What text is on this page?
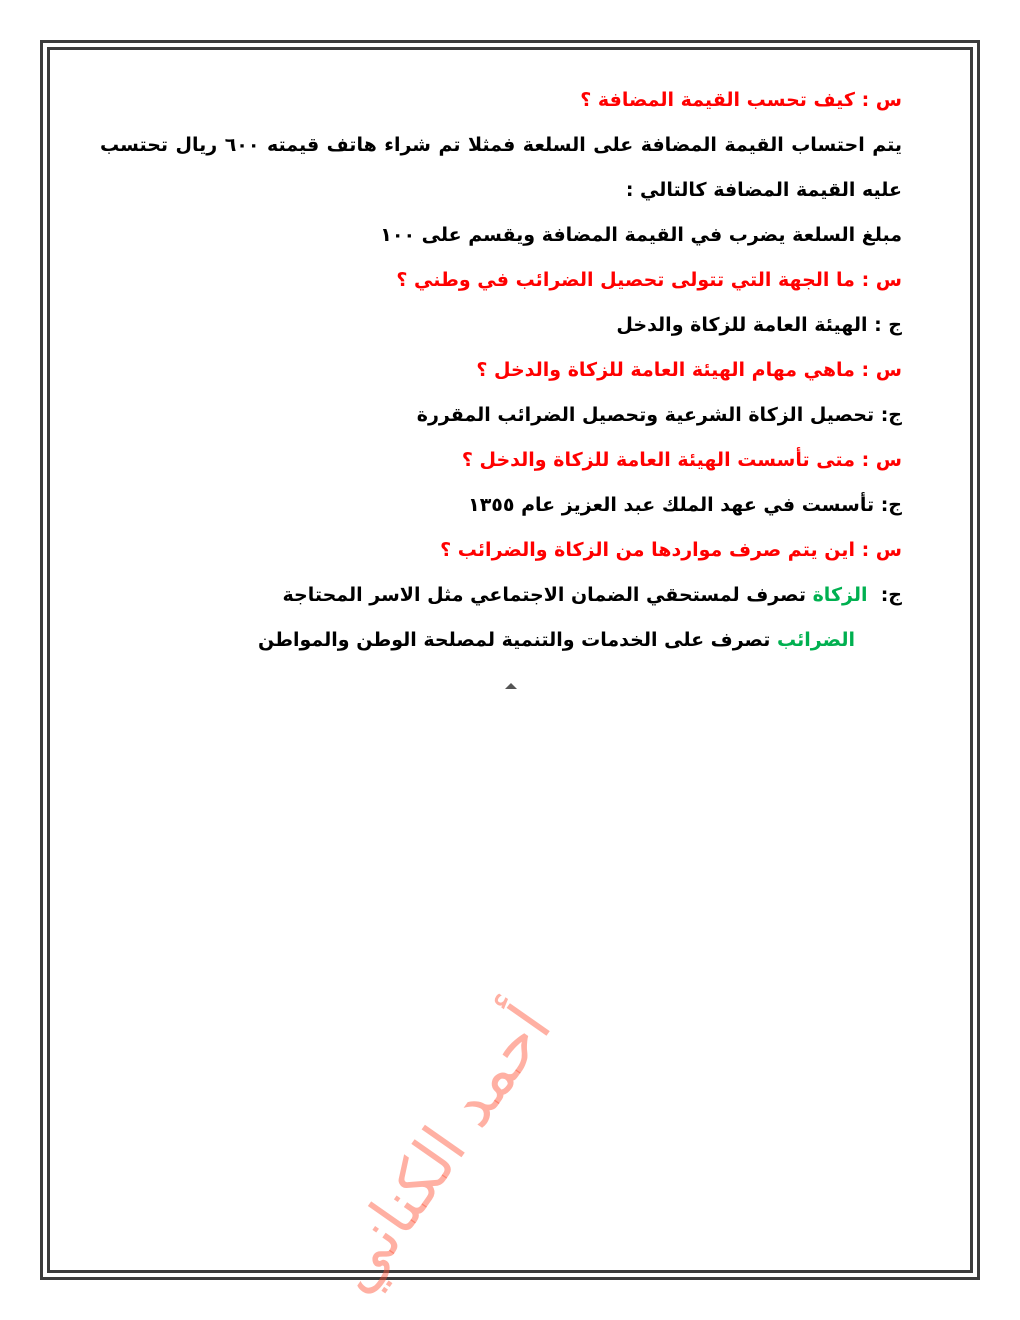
س : كيف تحسب القيمة المضافة ؟

يتم احتساب القيمة المضافة على السلعة فمثلا تم شراء هاتف قيمته ٦٠٠ ريال تحتسب عليه القيمة المضافة كالتالي :

مبلغ السلعة يضرب في القيمة المضافة ويقسم على ١٠٠

س : ما الجهة التي تتولى تحصيل الضرائب في وطني ؟

ج : الهيئة العامة للزكاة والدخل

س : ماهي مهام الهيئة العامة للزكاة والدخل ؟

ج: تحصيل الزكاة الشرعية وتحصيل الضرائب المقررة

س : متى تأسست الهيئة العامة للزكاة والدخل ؟

ج: تأسست في عهد الملك عبد العزيز عام ١٣٥٥

س : اين يتم صرف مواردها من الزكاة والضرائب ؟

ج:  الزكاة تصرف لمستحقي الضمان الاجتماعي مثل الاسر المحتاجة

الضرائب تصرف على الخدمات والتنمية لمصلحة الوطن والمواطن

أحمد الكناني
